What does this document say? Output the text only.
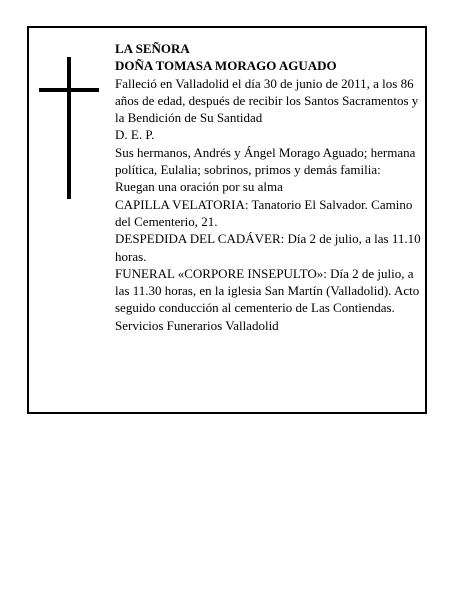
LA SEÑORA

DOÑA TOMASA MORAGO AGUADO

Falleció en Valladolid el día 30 de junio de 2011, a los 86 años de edad, después de recibir los Santos Sacramentos y la Bendición de Su Santidad

D. E. P.

Sus hermanos, Andrés y Ángel Morago Aguado; hermana política, Eulalia; sobrinos, primos y demás familia:

Ruegan una oración por su alma

CAPILLA VELATORIA: Tanatorio El Salvador. Camino del Cementerio, 21.

DESPEDIDA DEL CADÁVER: Día 2 de julio, a las 11.10 horas.

FUNERAL «CORPORE INSEPULTO»: Día 2 de julio, a las 11.30 horas, en la iglesia San Martín (Valladolid). Acto seguido conducción al cementerio de Las Contiendas.

Servicios Funerarios Valladolid
